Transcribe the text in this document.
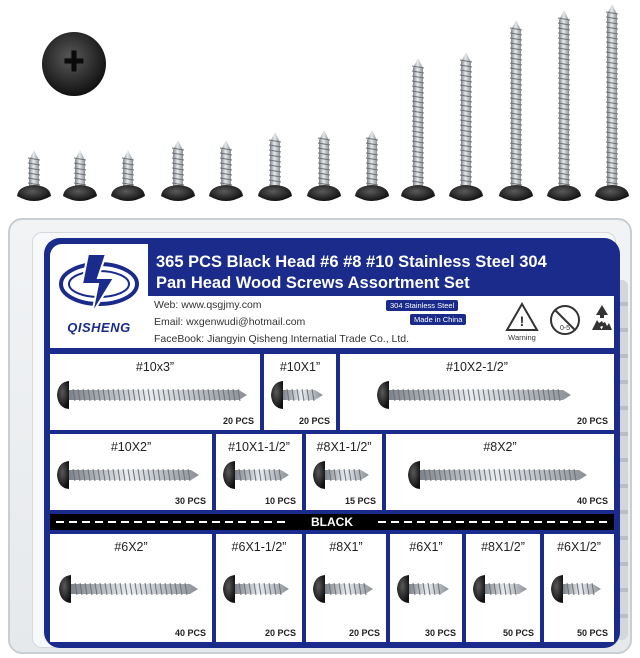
QISHENG
365 PCS Black Head #6 #8 #10 Stainless Steel 304
Pan Head Wood Screws Assortment Set
Web: www.qsgjmy.com
Email: wxgenwudi@hotmail.com
FaceBook: Jiangyin Qisheng Internatial Trade Co., Ltd.
304 Stainless Steel
Made in China	!
Warning
0-5
#10x3”
20 PCS
#10X1”
20 PCS
#10X2-1/2”
20 PCS
#10X2”
30 PCS
#10X1-1/2”
10 PCS
#8X1-1/2”
15 PCS
#8X2”
40 PCS
#6X2”
40 PCS
#6X1-1/2”
20 PCS
#8X1”
20 PCS
#6X1”
30 PCS
#8X1/2”
50 PCS
#6X1/2”
50 PCS
BLACK
